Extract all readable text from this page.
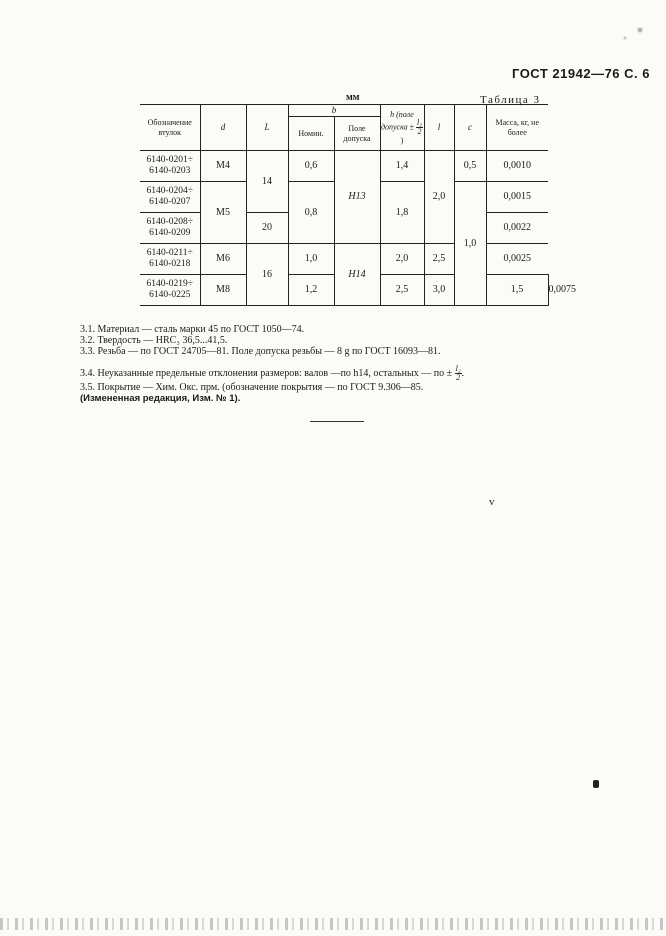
ГОСТ 21942—76 С. 6
мм	Таблица 3
Обозначение втулок	d	L	b		h (поле допуска ± $\frac{\text{l₂}}{2}$
)	l	c	Масса, кг, не более	
			Номин.	Поле допуска					

6140-0201÷
6140-0203	M4	14	0,6	H13	1,4	2,0	0,5	0,0010	

6140-0204÷
6140-0207	M5		0,8		1,8		1,0	0,0015	

6140-0208÷
6140-0209		20						0,0022	

6140-0211÷
6140-0218	M6	16	1,0	H14	2,0	2,5		0,0025	

6140-0219÷
6140-0225	M8		1,2		2,5	3,0		1,5	0,0075
3.1. Материал — сталь марки 45 по ГОСТ 1050—74.
3.2. Твердость — HRC₃ 36,5...41,5.
3.3. Резьба — по ГОСТ 24705—81. Поле допуска резьбы — 8 g по ГОСТ 16093—81.
3.4. Неуказанные предельные отклонения размеров: валов —по h14, остальных — по ± $\frac{\text{l₂}}{2}$ .
3.5. Покрытие — Хим. Окс. прм. (обозначение покрытия — по ГОСТ 9.306—85.
(Измененная редакция, Изм. № 1).
v
